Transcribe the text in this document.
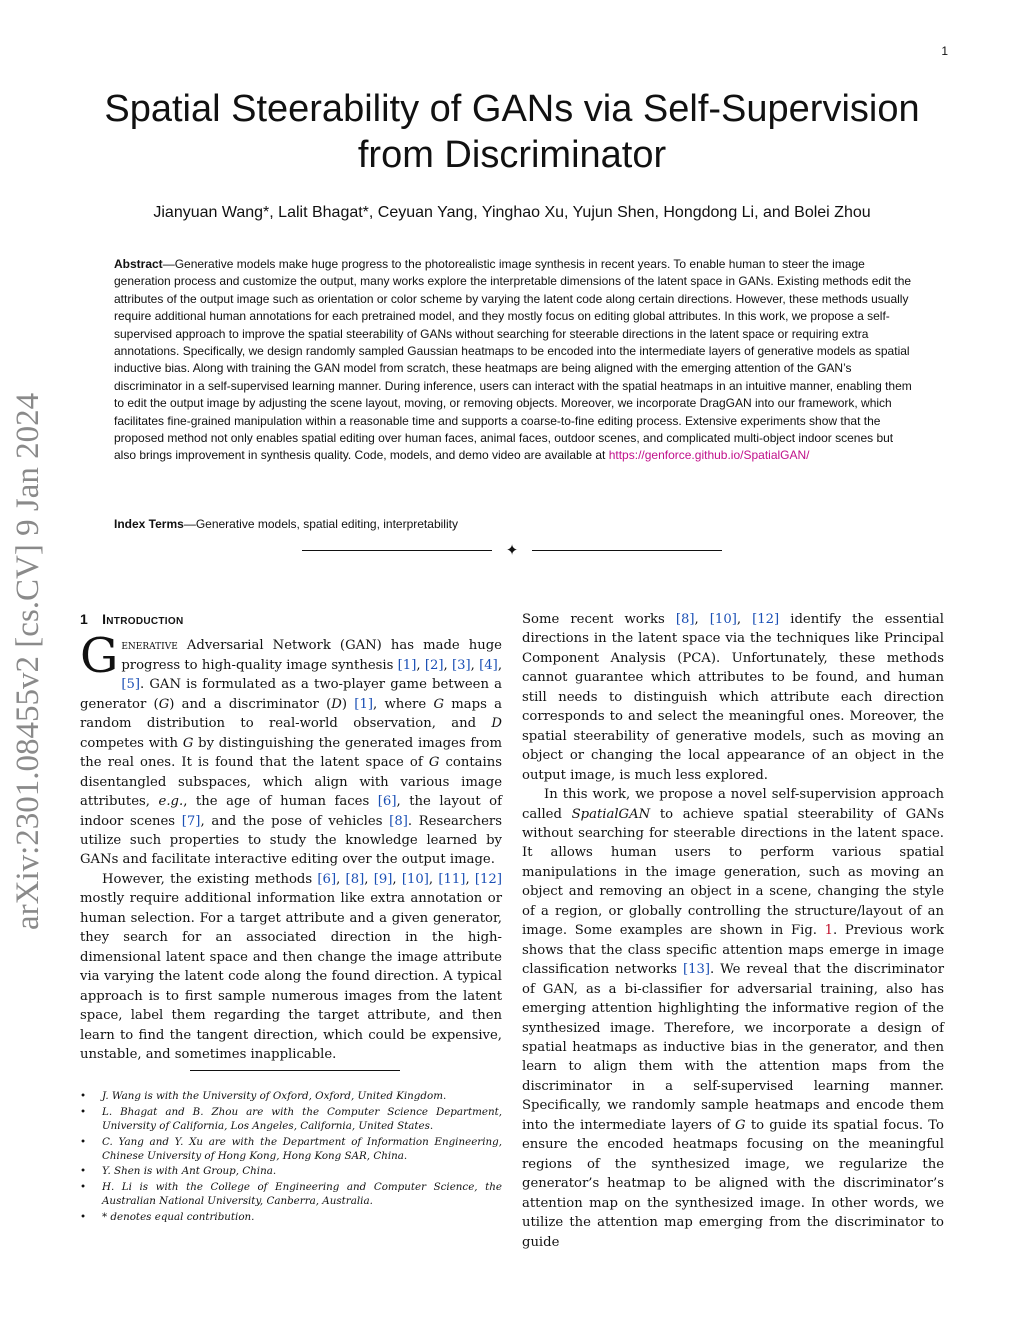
1
Spatial Steerability of GANs via Self-Supervision
from Discriminator
Jianyuan Wang*, Lalit Bhagat*, Ceyuan Yang, Yinghao Xu, Yujun Shen, Hongdong Li, and Bolei Zhou
Abstract—Generative models make huge progress to the photorealistic image synthesis in recent years. To enable human to steer the image generation process and customize the output, many works explore the interpretable dimensions of the latent space in GANs. Existing methods edit the attributes of the output image such as orientation or color scheme by varying the latent code along certain directions. However, these methods usually require additional human annotations for each pretrained model, and they mostly focus on editing global attributes. In this work, we propose a self-supervised approach to improve the spatial steerability of GANs without searching for steerable directions in the latent space or requiring extra annotations. Specifically, we design randomly sampled Gaussian heatmaps to be encoded into the intermediate layers of generative models as spatial inductive bias. Along with training the GAN model from scratch, these heatmaps are being aligned with the emerging attention of the GAN’s discriminator in a self-supervised learning manner. During inference, users can interact with the spatial heatmaps in an intuitive manner, enabling them to edit the output image by adjusting the scene layout, moving, or removing objects. Moreover, we incorporate DragGAN into our framework, which facilitates fine-grained manipulation within a reasonable time and supports a coarse-to-fine editing process. Extensive experiments show that the proposed method not only enables spatial editing over human faces, animal faces, outdoor scenes, and complicated multi-object indoor scenes but also brings improvement in synthesis quality. Code, models, and demo video are available at https://genforce.github.io/SpatialGAN/
Index Terms—Generative models, spatial editing, interpretability
✦
arXiv:2301.08455v2 [cs.CV] 9 Jan 2024 1 Introduction

Generative Adversarial Network (GAN) has made huge progress to high-quality image synthesis [1], [2], [3], [4], [5]. GAN is formulated as a two-player game between a generator (G) and a discriminator (D) [1], where G maps a random distribution to real-world observation, and D competes with G by distinguishing the generated images from the real ones. It is found that the latent space of G contains disentangled subspaces, which align with various image attributes, e.g., the age of human faces [6], the layout of indoor scenes [7], and the pose of vehicles [8]. Researchers utilize such properties to study the knowledge learned by GANs and facilitate interactive editing over the output image.

However, the existing methods [6], [8], [9], [10], [11], [12] mostly require additional information like extra annotation or human selection. For a target attribute and a given generator, they search for an associated direction in the high-dimensional latent space and then change the image attribute via varying the latent code along the found direction. A typical approach is to first sample numerous images from the latent space, label them regarding the target attribute, and then learn to find the tangent direction, which could be expensive, unstable, and sometimes inapplicable.

• J. Wang is with the University of Oxford, Oxford, United Kingdom.
• L. Bhagat and B. Zhou are with the Computer Science Department, University of California, Los Angeles, California, United States.
• C. Yang and Y. Xu are with the Department of Information Engineering, Chinese University of Hong Kong, Hong Kong SAR, China.
• Y. Shen is with Ant Group, China.
• H. Li is with the College of Engineering and Computer Science, the Australian National University, Canberra, Australia.
• * denotes equal contribution.

Some recent works [8], [10], [12] identify the essential directions in the latent space via the techniques like Principal Component Analysis (PCA). Unfortunately, these methods cannot guarantee which attributes to be found, and human still needs to distinguish which attribute each direction corresponds to and select the meaningful ones. Moreover, the spatial steerability of generative models, such as moving an object or changing the local appearance of an object in the output image, is much less explored.

In this work, we propose a novel self-supervision approach called SpatialGAN to achieve spatial steerability of GANs without searching for steerable directions in the latent space. It allows human users to perform various spatial manipulations in the image generation, such as moving an object and removing an object in a scene, changing the style of a region, or globally controlling the structure/layout of an image. Some examples are shown in Fig. 1. Previous work shows that the class specific attention maps emerge in image classification networks [13]. We reveal that the discriminator of GAN, as a bi-classifier for adversarial training, also has emerging attention highlighting the informative region of the synthesized image. Therefore, we incorporate a design of spatial heatmaps as inductive bias in the generator, and then learn to align them with the attention maps from the discriminator in a self-supervised learning manner. Specifically, we randomly sample heatmaps and encode them into the intermediate layers of G to guide its spatial focus. To ensure the encoded heatmaps focusing on the meaningful regions of the synthesized image, we regularize the generator’s heatmap to be aligned with the discriminator’s attention map on the synthesized image. In other words, we utilize the attention map emerging from the discriminator to guide
